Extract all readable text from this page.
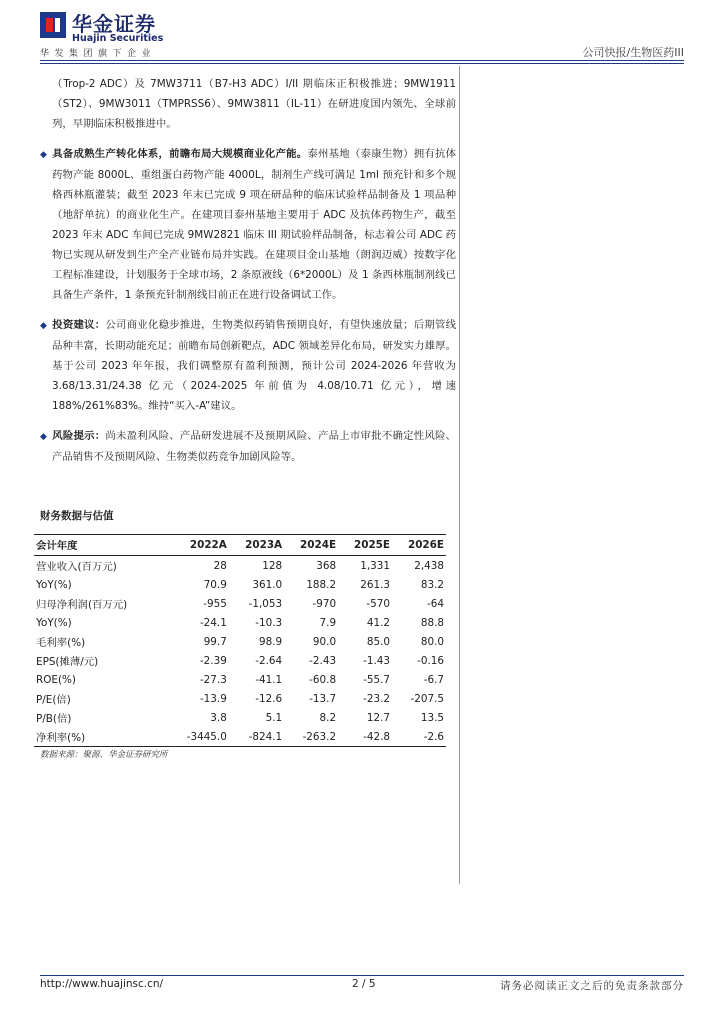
华金证券
Huajin Securities
华发集团旗下企业	公司快报/生物医药III

（Trop-2 ADC）及 7MW3711（B7-H3 ADC）I/II 期临床正积极推进；9MW1911（ST2）、9MW3011（TMPRSS6）、9MW3811（IL-11）在研进度国内领先、全球前列，早期临床积极推进中。

◆ 具备成熟生产转化体系，前瞻布局大规模商业化产能。泰州基地（泰康生物）拥有抗体药物产能 8000L、重组蛋白药物产能 4000L，制剂生产线可满足 1ml 预充针和多个规格西林瓶灌装；截至 2023 年末已完成 9 项在研品种的临床试验样品制备及 1 项品种（地舒单抗）的商业化生产。在建项目泰州基地主要用于 ADC 及抗体药物生产，截至 2023 年末 ADC 车间已完成 9MW2821 临床 III 期试验样品制备，标志着公司 ADC 药物已实现从研发到生产全产业链布局并实践。在建项目金山基地（朗润迈威）按数字化工程标准建设，计划服务于全球市场，2 条原液线（6*2000L）及 1 条西林瓶制剂线已具备生产条件，1 条预充针制剂线目前正在进行设备调试工作。

◆ 投资建议：公司商业化稳步推进，生物类似药销售预期良好，有望快速放量；后期管线品种丰富，长期动能充足；前瞻布局创新靶点，ADC 领域差异化布局，研发实力雄厚。基于公司 2023 年年报，我们调整原有盈利预测，预计公司 2024-2026 年营收为 3.68/13.31/24.38 亿元（2024-2025 年前值为 4.08/10.71 亿元），增速 188%/261%83%。维持“买入-A”建议。

◆ 风险提示：尚未盈利风险、产品研发进展不及预期风险、产品上市审批不确定性风险、产品销售不及预期风险、生物类似药竞争加剧风险等。

财务数据与估值
会计年度	2022A	2023A	2024E	2025E	2026E
营业收入(百万元)	28	128	368	1,331	2,438
YoY(%)	70.9	361.0	188.2	261.3	83.2
归母净利润(百万元)	-955	-1,053	-970	-570	-64
YoY(%)	-24.1	-10.3	7.9	41.2	88.8
毛利率(%)	99.7	98.9	90.0	85.0	80.0
EPS(摊薄/元)	-2.39	-2.64	-2.43	-1.43	-0.16
ROE(%)	-27.3	-41.1	-60.8	-55.7	-6.7
P/E(倍)	-13.9	-12.6	-13.7	-23.2	-207.5
P/B(倍)	3.8	5.1	8.2	12.7	13.5
净利率(%)	-3445.0	-824.1	-263.2	-42.8	-2.6
数据来源：聚源、华金证券研究所
http://www.huajinsc.cn/	2 / 5	请务必阅读正文之后的免责条款部分
